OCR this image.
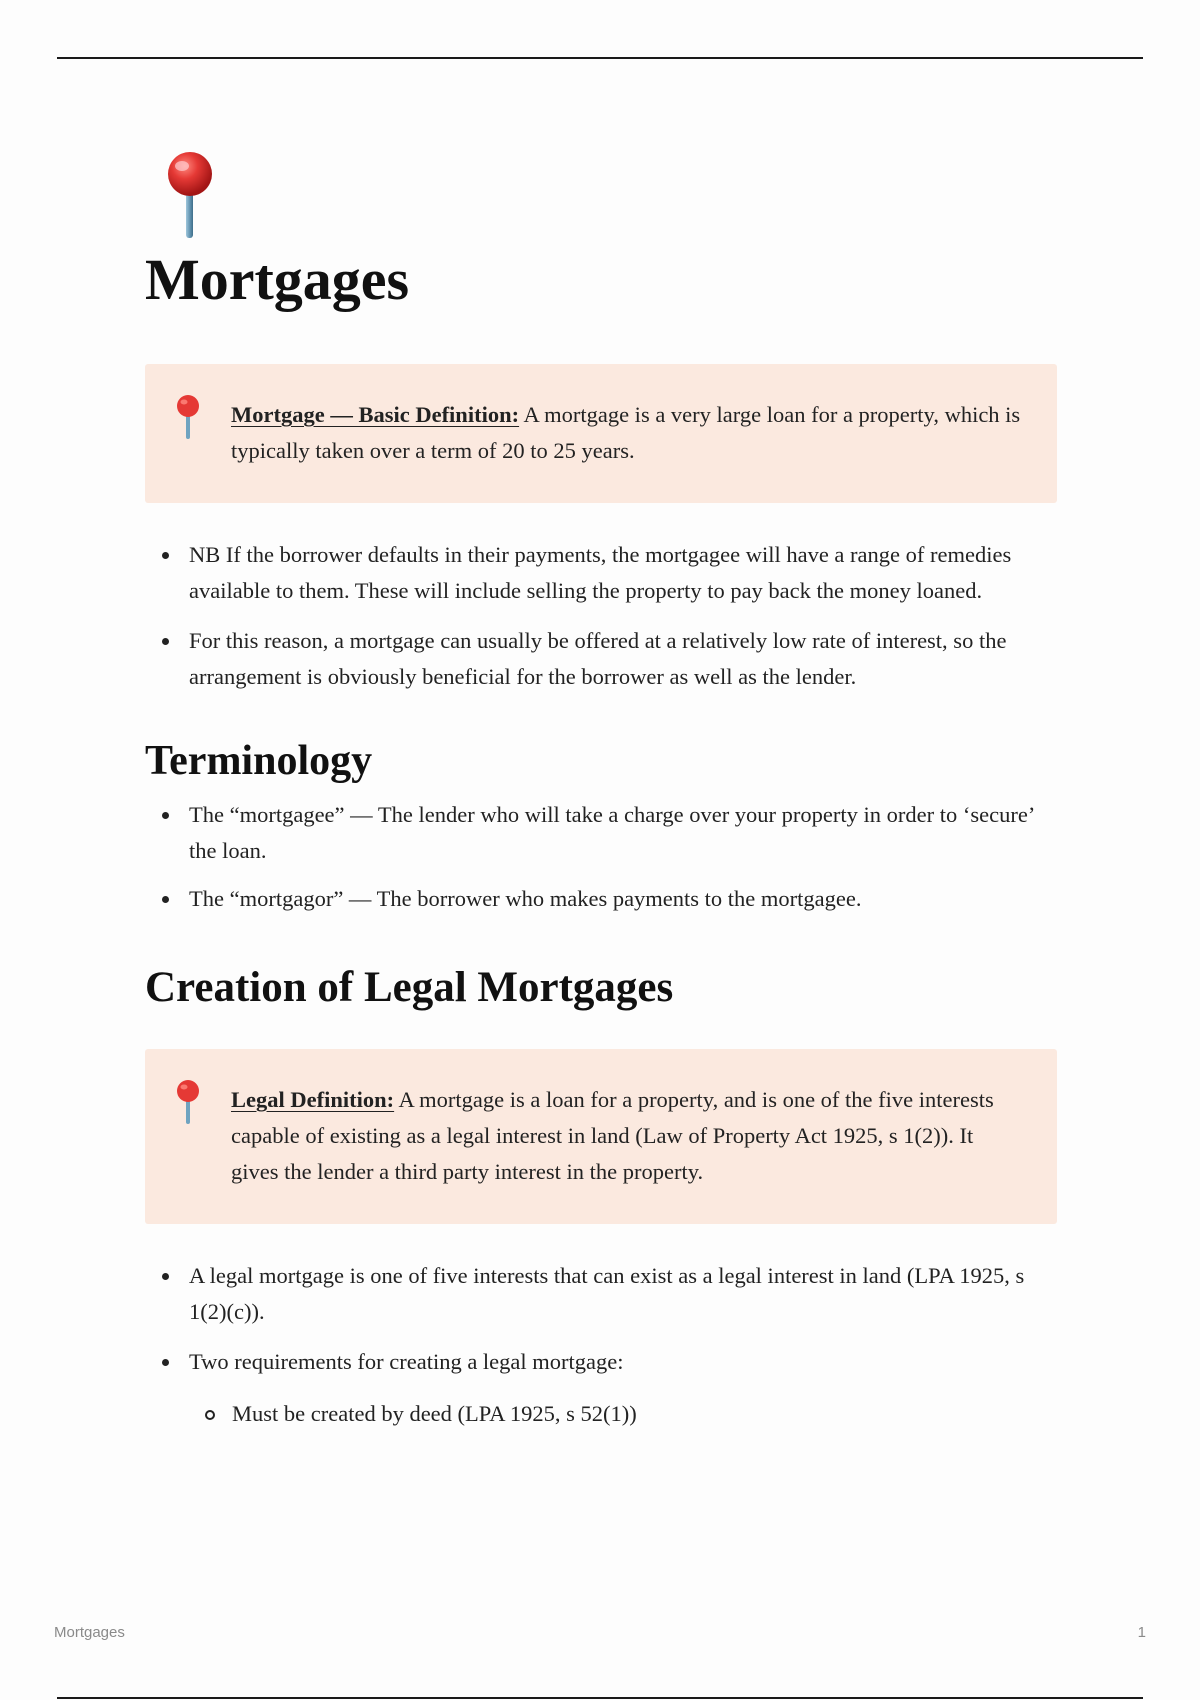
Mortgages
Mortgage — Basic Definition: A mortgage is a very large loan for a property, which is typically taken over a term of 20 to 25 years.
NB If the borrower defaults in their payments, the mortgagee will have a range of remedies available to them. These will include selling the property to pay back the money loaned.
For this reason, a mortgage can usually be offered at a relatively low rate of interest, so the arrangement is obviously beneficial for the borrower as well as the lender.
Terminology
The “mortgagee” — The lender who will take a charge over your property in order to ‘secure’ the loan.
The “mortgagor” — The borrower who makes payments to the mortgagee.
Creation of Legal Mortgages
Legal Definition: A mortgage is a loan for a property, and is one of the five interests capable of existing as a legal interest in land (Law of Property Act 1925, s 1(2)). It gives the lender a third party interest in the property.
A legal mortgage is one of five interests that can exist as a legal interest in land (LPA 1925, s 1(2)(c)).
Two requirements for creating a legal mortgage:
Must be created by deed (LPA 1925, s 52(1))
Mortgages	1
